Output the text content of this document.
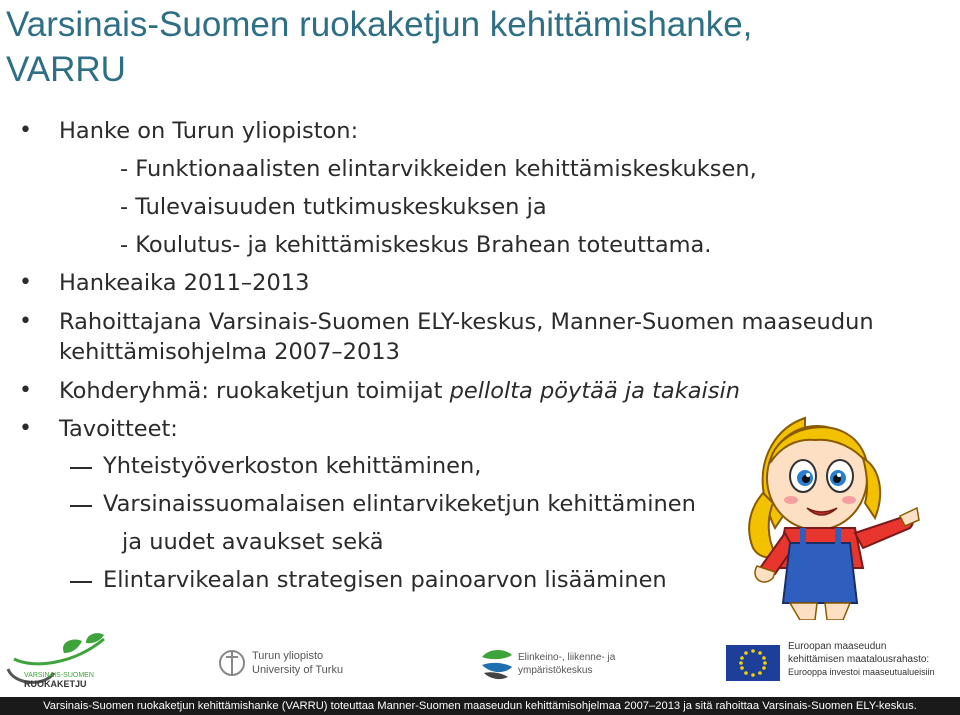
Varsinais-Suomen ruokaketjun kehittämishanke,
VARRU
• Hanke on Turun yliopiston:
- Funktionaalisten elintarvikkeiden kehittämiskeskuksen,
- Tulevaisuuden tutkimuskeskuksen ja
- Koulutus- ja kehittämiskeskus Brahean toteuttama.
• Hankeaika 2011–2013
• Rahoittajana Varsinais-Suomen ELY-keskus, Manner-Suomen maaseudun
kehittämisohjelma 2007–2013
• Kohderyhmä: ruokaketjun toimijat pellolta pöytää ja takaisin
• Tavoitteet:
Yhteistyöverkoston kehittäminen,
Varsinaissuomalaisen elintarvikeketjun kehittäminen
ja uudet avaukset sekä
Elintarvikealan strategisen painoarvon lisääminen
VARSINAIS-SUOMEN
RUOKAKETJU
Turun yliopisto
University of Turku
Elinkeino-, liikenne- ja
ympäristökeskus
Euroopan maaseudun
kehittämisen maatalousrahasto:
Eurooppa investoi maaseutualueisiin
Varsinais-Suomen ruokaketjun kehittämishanke (VARRU) toteuttaa Manner-Suomen maaseudun kehittämisohjelmaa 2007–2013 ja sitä rahoittaa Varsinais-Suomen ELY-keskus.
